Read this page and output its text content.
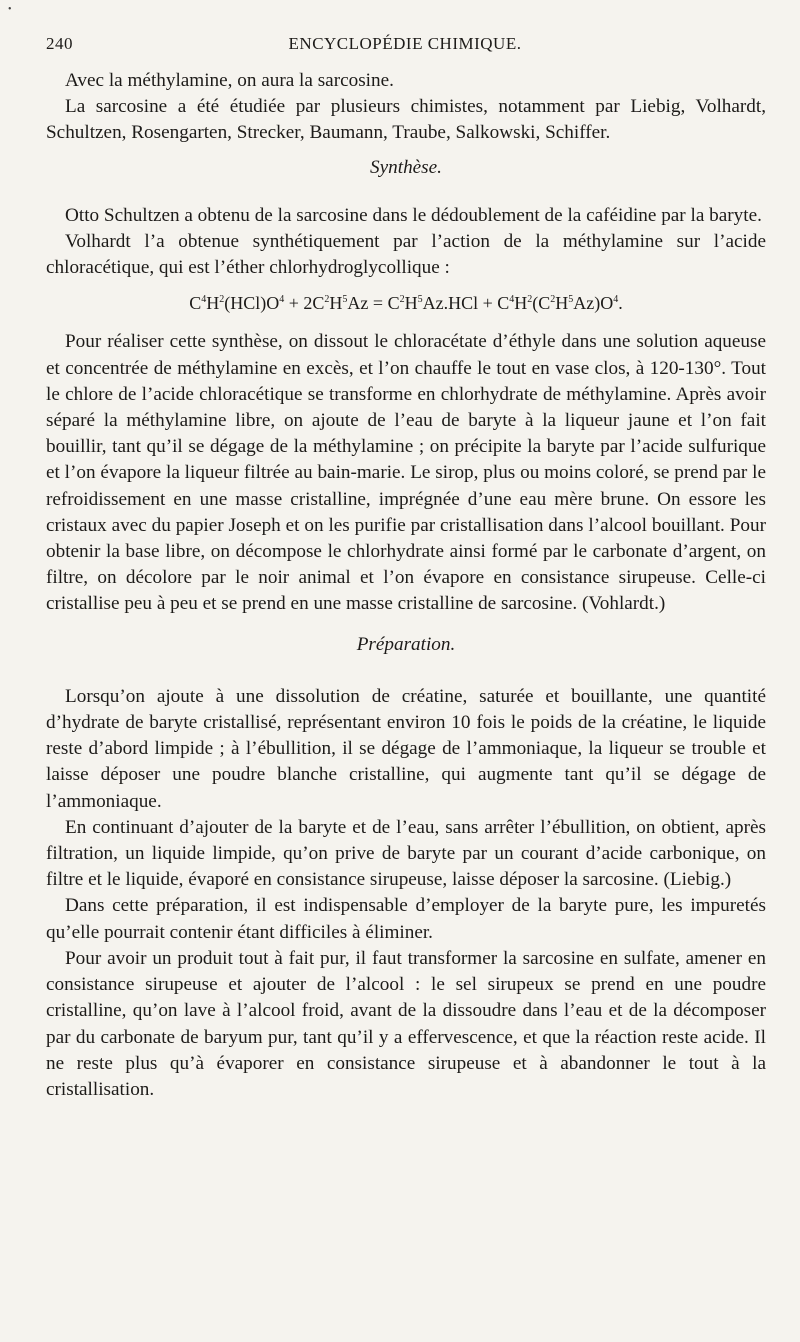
•
240	ENCYCLOPÉDIE CHIMIQUE.

Avec la méthylamine, on aura la sarcosine.

La sarcosine a été étudiée par plusieurs chimistes, notamment par Liebig, Volhardt, Schultzen, Rosengarten, Strecker, Baumann, Traube, Salkowski, Schiffer.

Synthèse.

Otto Schultzen a obtenu de la sarcosine dans le dédoublement de la caféidine par la baryte.

Volhardt l’a obtenue synthétiquement par l’action de la méthylamine sur l’acide chloracétique, qui est l’éther chlorhydroglycollique :

$C^4H^2(HCl)O^4 + 2C^2H^5Az = C^2H^5Az.HCl + C^4H^2(C^2H^5Az)O^4$.

Pour réaliser cette synthèse, on dissout le chloracétate d’éthyle dans une solution aqueuse et concentrée de méthylamine en excès, et l’on chauffe le tout en vase clos, à 120-130°. Tout le chlore de l’acide chloracétique se transforme en chlorhydrate de méthylamine. Après avoir séparé la méthylamine libre, on ajoute de l’eau de baryte à la liqueur jaune et l’on fait bouillir, tant qu’il se dégage de la méthylamine ; on précipite la baryte par l’acide sulfurique et l’on évapore la liqueur filtrée au bain-marie. Le sirop, plus ou moins coloré, se prend par le refroidissement en une masse cristalline, imprégnée d’une eau mère brune. On essore les cristaux avec du papier Joseph et on les purifie par cristallisation dans l’alcool bouillant. Pour obtenir la base libre, on décompose le chlorhydrate ainsi formé par le carbonate d’argent, on filtre, on décolore par le noir animal et l’on évapore en consistance sirupeuse. Celle-ci cristallise peu à peu et se prend en une masse cristalline de sarcosine. (Vohlardt.)

Préparation.

Lorsqu’on ajoute à une dissolution de créatine, saturée et bouillante, une quantité d’hydrate de baryte cristallisé, représentant environ 10 fois le poids de la créatine, le liquide reste d’abord limpide ; à l’ébullition, il se dégage de l’ammoniaque, la liqueur se trouble et laisse déposer une poudre blanche cristalline, qui augmente tant qu’il se dégage de l’ammoniaque.

En continuant d’ajouter de la baryte et de l’eau, sans arrêter l’ébullition, on obtient, après filtration, un liquide limpide, qu’on prive de baryte par un courant d’acide carbonique, on filtre et le liquide, évaporé en consistance sirupeuse, laisse déposer la sarcosine. (Liebig.)

Dans cette préparation, il est indispensable d’employer de la baryte pure, les impuretés qu’elle pourrait contenir étant difficiles à éliminer.

Pour avoir un produit tout à fait pur, il faut transformer la sarcosine en sulfate, amener en consistance sirupeuse et ajouter de l’alcool : le sel sirupeux se prend en une poudre cristalline, qu’on lave à l’alcool froid, avant de la dissoudre dans l’eau et de la décomposer par du carbonate de baryum pur, tant qu’il y a effervescence, et que la réaction reste acide. Il ne reste plus qu’à évaporer en consistance sirupeuse et à abandonner le tout à la cristallisation.
